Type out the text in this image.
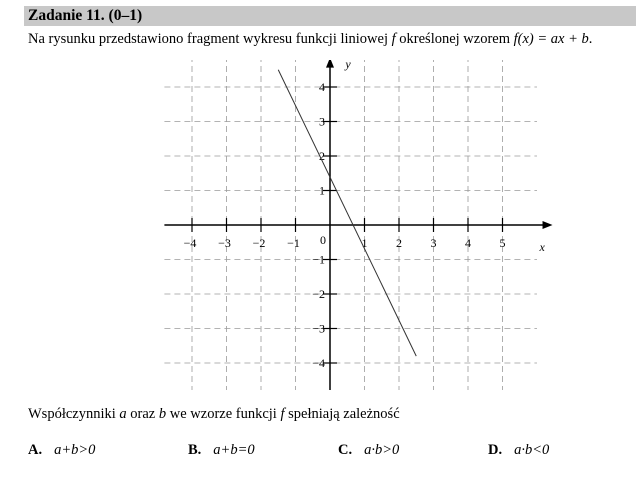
Zadanie 11. (0–1)
Na rysunku przedstawiono fragment wykresu funkcji liniowej f określonej wzorem f(x) = ax + b.
−4 −3 −2 −1	1 2 3 4 5
4
3
2
1
−1
−2
−3
−4
0	x
y
Współczynniki a oraz b we wzorze funkcji f spełniają zależność
A. a+b>0	B. a+b=0	C. a·b>0	D. a·b<0
